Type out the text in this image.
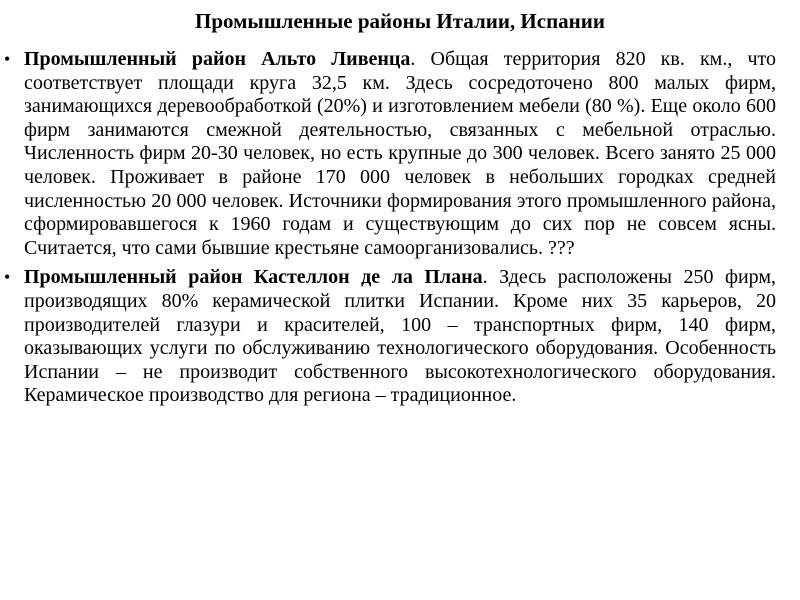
Промышленные районы Италии, Испании
• Промышленный район Альто Ливенца. Общая территория 820 кв. км., что соответствует площади круга 32,5 км. Здесь сосредоточено 800 малых фирм, занимающихся деревообработкой (20%) и изготовлением мебели (80 %). Еще около 600 фирм занимаются смежной деятельностью, связанных с мебельной отраслью. Численность фирм 20-30 человек, но есть крупные до 300 человек. Всего занято 25 000 человек. Проживает в районе 170 000 человек в небольших городках средней численностью 20 000 человек. Источники формирования этого промышленного района, сформировавшегося к 1960 годам и существующим до сих пор не совсем ясны. Считается, что сами бывшие крестьяне самоорганизовались. ???
• Промышленный район Кастеллон де ла Плана. Здесь расположены 250 фирм, производящих 80% керамической плитки Испании. Кроме них 35 карьеров, 20 производителей глазури и красителей, 100 – транспортных фирм, 140 фирм, оказывающих услуги по обслуживанию технологического оборудования. Особенность Испании – не производит собственного высокотехнологического оборудования. Керамическое производство для региона – традиционное.
